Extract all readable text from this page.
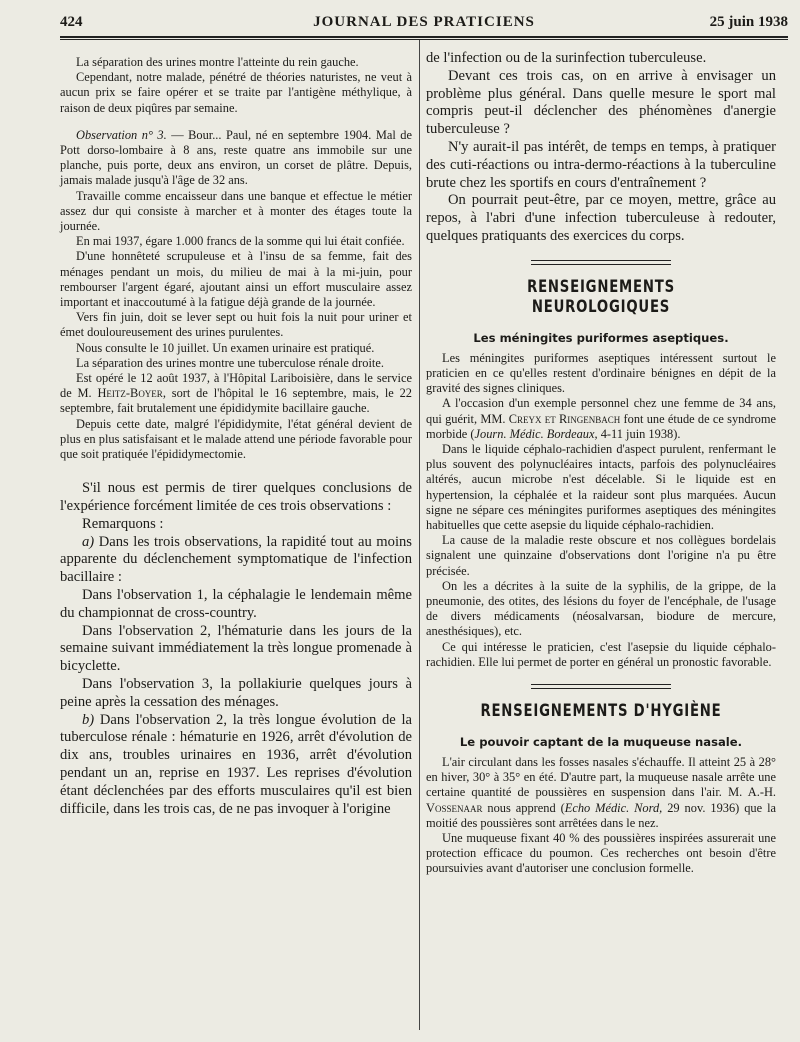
424	JOURNAL DES PRATICIENS	25 juin 1938

La séparation des urines montre l'atteinte du rein gauche.

Cependant, notre malade, pénétré de théories naturistes, ne veut à aucun prix se faire opérer et se traite par l'antigène méthylique, à raison de deux piqûres par semaine.

Observation n° 3. — Bour... Paul, né en septembre 1904. Mal de Pott dorso-lombaire à 8 ans, reste quatre ans immobile sur une planche, puis porte, deux ans environ, un corset de plâtre. Depuis, jamais malade jusqu'à l'âge de 32 ans.

Travaille comme encaisseur dans une banque et effectue le métier assez dur qui consiste à marcher et à monter des étages toute la journée.

En mai 1937, égare 1.000 francs de la somme qui lui était confiée.

D'une honnêteté scrupuleuse et à l'insu de sa femme, fait des ménages pendant un mois, du milieu de mai à la mi-juin, pour rembourser l'argent égaré, ajoutant ainsi un effort musculaire assez important et inaccoutumé à la fatigue déjà grande de la journée.

Vers fin juin, doit se lever sept ou huit fois la nuit pour uriner et émet douloureusement des urines purulentes.

Nous consulte le 10 juillet. Un examen urinaire est pratiqué.

La séparation des urines montre une tuberculose rénale droite.

Est opéré le 12 août 1937, à l'Hôpital Lariboisière, dans le service de M. Heitz-Boyer, sort de l'hôpital le 16 septembre, mais, le 22 septembre, fait brutalement une épididymite bacillaire gauche.

Depuis cette date, malgré l'épididymite, l'état général devient de plus en plus satisfaisant et le malade attend une période favorable pour que soit pratiquée l'épididymectomie.

S'il nous est permis de tirer quelques conclusions de l'expérience forcément limitée de ces trois observations :

Remarquons :

a) Dans les trois observations, la rapidité tout au moins apparente du déclenchement symptomatique de l'infection bacillaire :

Dans l'observation 1, la céphalagie le lendemain même du championnat de cross-country.

Dans l'observation 2, l'hématurie dans les jours de la semaine suivant immédiatement la très longue promenade à bicyclette.

Dans l'observation 3, la pollakiurie quelques jours à peine après la cessation des ménages.

b) Dans l'observation 2, la très longue évolution de la tuberculose rénale : hématurie en 1926, arrêt d'évolution de dix ans, troubles urinaires en 1936, arrêt d'évolution pendant un an, reprise en 1937. Les reprises d'évolution étant déclenchées par des efforts musculaires qu'il est bien difficile, dans les trois cas, de ne pas invoquer à l'origine

de l'infection ou de la surinfection tuberculeuse.

Devant ces trois cas, on en arrive à envisager un problème plus général. Dans quelle mesure le sport mal compris peut-il déclencher des phénomènes d'anergie tuberculeuse ?

N'y aurait-il pas intérêt, de temps en temps, à pratiquer des cuti-réactions ou intra-dermo-réactions à la tuberculine brute chez les sportifs en cours d'entraînement ?

On pourrait peut-être, par ce moyen, mettre, grâce au repos, à l'abri d'une infection tuberculeuse à redouter, quelques pratiquants des exercices du corps.

RENSEIGNEMENTS NEUROLOGIQUES

Les méningites puriformes aseptiques.

Les méningites puriformes aseptiques intéressent surtout le praticien en ce qu'elles restent d'ordinaire bénignes en dépit de la gravité des signes cliniques.

A l'occasion d'un exemple personnel chez une femme de 34 ans, qui guérit, MM. Creyx et Ringenbach font une étude de ce syndrome morbide (Journ. Médic. Bordeaux, 4-11 juin 1938).

Dans le liquide céphalo-rachidien d'aspect purulent, renfermant le plus souvent des polynucléaires intacts, parfois des polynucléaires altérés, aucun microbe n'est décelable. Si le liquide est en hypertension, la céphalée et la raideur sont plus marquées. Aucun signe ne sépare ces méningites puriformes aseptiques des méningites habituelles que cette asepsie du liquide céphalo-rachidien.

La cause de la maladie reste obscure et nos collègues bordelais signalent une quinzaine d'observations dont l'origine n'a pu être précisée.

On les a décrites à la suite de la syphilis, de la grippe, de la pneumonie, des otites, des lésions du foyer de l'encéphale, de l'usage de divers médicaments (néosalvarsan, biodure de mercure, anesthésiques), etc.

Ce qui intéresse le praticien, c'est l'asepsie du liquide céphalo-rachidien. Elle lui permet de porter en général un pronostic favorable.

RENSEIGNEMENTS D'HYGIÈNE

Le pouvoir captant de la muqueuse nasale.

L'air circulant dans les fosses nasales s'échauffe. Il atteint 25 à 28° en hiver, 30° à 35° en été. D'autre part, la muqueuse nasale arrête une certaine quantité de poussières en suspension dans l'air. M. A.-H. Vossenaar nous apprend (Echo Médic. Nord, 29 nov. 1936) que la moitié des poussières sont arrêtées dans le nez.

Une muqueuse fixant 40 % des poussières inspirées assurerait une protection efficace du poumon. Ces recherches ont besoin d'être poursuivies avant d'autoriser une conclusion formelle.
